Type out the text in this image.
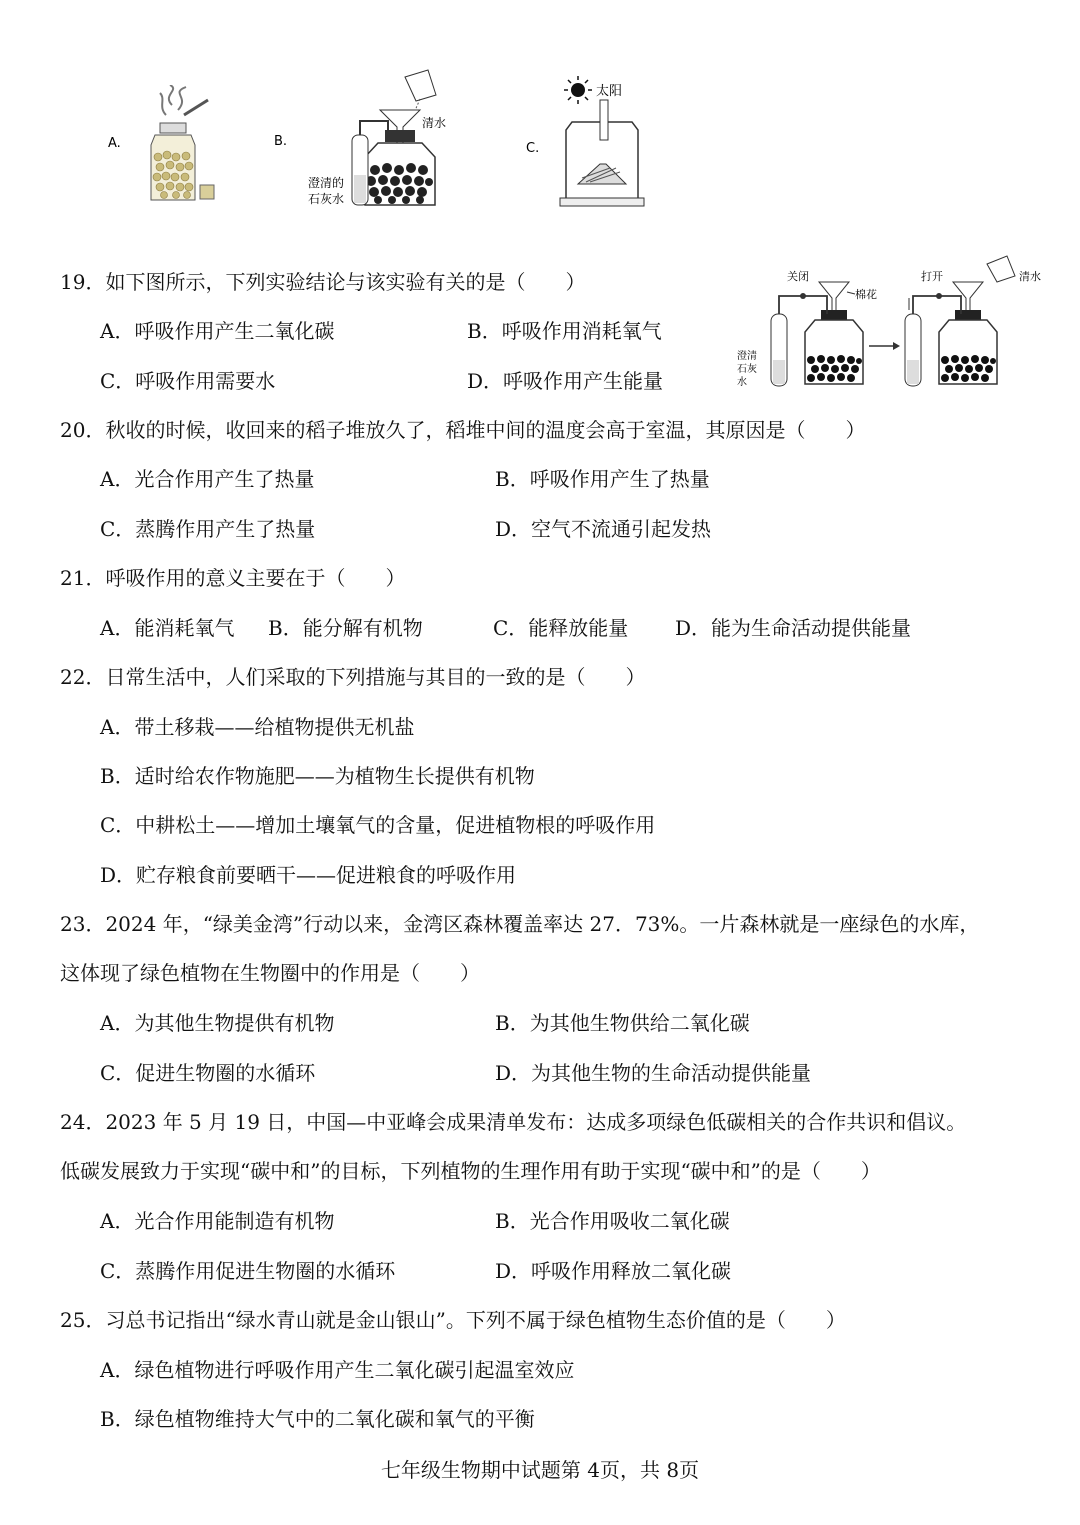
A.	B.
清水
澄清的
石灰水
C.
太阳
19．如下图所示，下列实验结论与该实验有关的是（　　）
A．呼吸作用产生二氧化碳	B．呼吸作用消耗氧气
C．呼吸作用需要水	D．呼吸作用产生能量
关闭
棉花
澄清
石灰
水
打开	清水
20．秋收的时候，收回来的稻子堆放久了，稻堆中间的温度会高于室温，其原因是（　　）
A．光合作用产生了热量	B．呼吸作用产生了热量
C．蒸腾作用产生了热量	D．空气不流通引起发热
21．呼吸作用的意义主要在于（　　）
A．能消耗氧气 B．能分解有机物	C．能释放能量 D．能为生命活动提供能量
22．日常生活中，人们采取的下列措施与其目的一致的是（　　）
A．带土移栽——给植物提供无机盐
B．适时给农作物施肥——为植物生长提供有机物
C．中耕松土——增加土壤氧气的含量，促进植物根的呼吸作用
D．贮存粮食前要晒干——促进粮食的呼吸作用
23．2024 年，“绿美金湾”行动以来，金湾区森林覆盖率达 27．73%。一片森林就是一座绿色的水库，
这体现了绿色植物在生物圈中的作用是（　　）
A．为其他生物提供有机物	B．为其他生物供给二氧化碳
C．促进生物圈的水循环	D．为其他生物的生命活动提供能量
24．2023 年 5 月 19 日，中国—中亚峰会成果清单发布：达成多项绿色低碳相关的合作共识和倡议。
低碳发展致力于实现“碳中和”的目标，下列植物的生理作用有助于实现“碳中和”的是（　　）
A．光合作用能制造有机物	B．光合作用吸收二氧化碳
C．蒸腾作用促进生物圈的水循环	D．呼吸作用释放二氧化碳
25．习总书记指出“绿水青山就是金山银山”。下列不属于绿色植物生态价值的是（　　）
A．绿色植物进行呼吸作用产生二氧化碳引起温室效应
B．绿色植物维持大气中的二氧化碳和氧气的平衡
七年级生物期中试题第 4页，共 8页
